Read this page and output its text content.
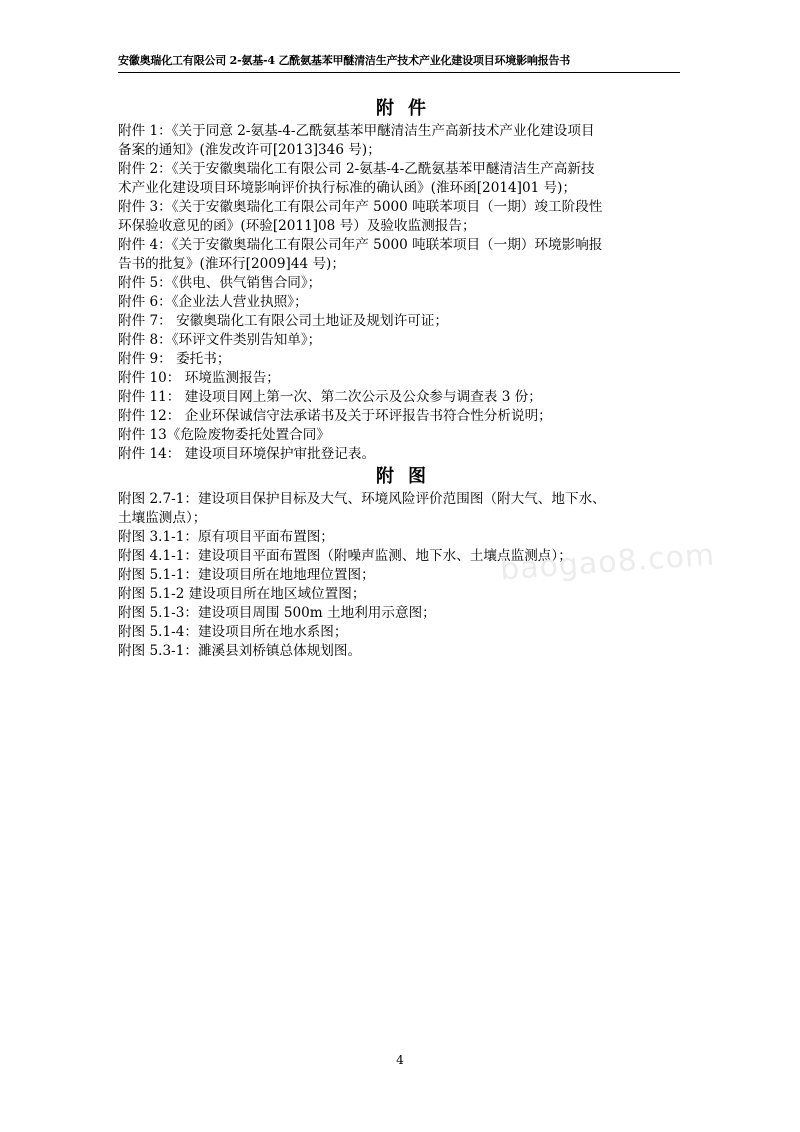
安徽奥瑞化工有限公司 2-氨基-4 乙酰氨基苯甲醚清洁生产技术产业化建设项目环境影响报告书
附件
附件 1：《关于同意 2-氨基-4-乙酰氨基苯甲醚清洁生产高新技术产业化建设项目
备案的通知》(淮发改许可[2013]346 号)；
附件 2：《关于安徽奥瑞化工有限公司 2-氨基-4-乙酰氨基苯甲醚清洁生产高新技
术产业化建设项目环境影响评价执行标准的确认函》(淮环函[2014]01 号)；
附件 3：《关于安徽奥瑞化工有限公司年产 5000 吨联苯项目（一期）竣工阶段性
环保验收意见的函》(环验[2011]08 号）及验收监测报告；
附件 4：《关于安徽奥瑞化工有限公司年产 5000 吨联苯项目（一期）环境影响报
告书的批复》(淮环行[2009]44 号)；
附件 5：《供电、供气销售合同》；
附件 6：《企业法人营业执照》；
附件 7： 安徽奥瑞化工有限公司土地证及规划许可证；
附件 8：《环评文件类别告知单》；
附件 9： 委托书；
附件 10： 环境监测报告；
附件 11： 建设项目网上第一次、第二次公示及公众参与调查表 3 份；
附件 12： 企业环保诚信守法承诺书及关于环评报告书符合性分析说明；
附件 13《危险废物委托处置合同》
附件 14： 建设项目环境保护审批登记表。
附图
附图 2.7-1：建设项目保护目标及大气、环境风险评价范围图（附大气、地下水、
土壤监测点）；
附图 3.1-1：原有项目平面布置图；
附图 4.1-1：建设项目平面布置图（附噪声监测、地下水、土壤点监测点）；
附图 5.1-1：建设项目所在地地理位置图；
附图 5.1-2 建设项目所在地区域位置图；
附图 5.1-3：建设项目周围 500m 土地利用示意图；
附图 5.1-4：建设项目所在地水系图；
附图 5.3-1：濉溪县刘桥镇总体规划图。
baogao8.com
4
